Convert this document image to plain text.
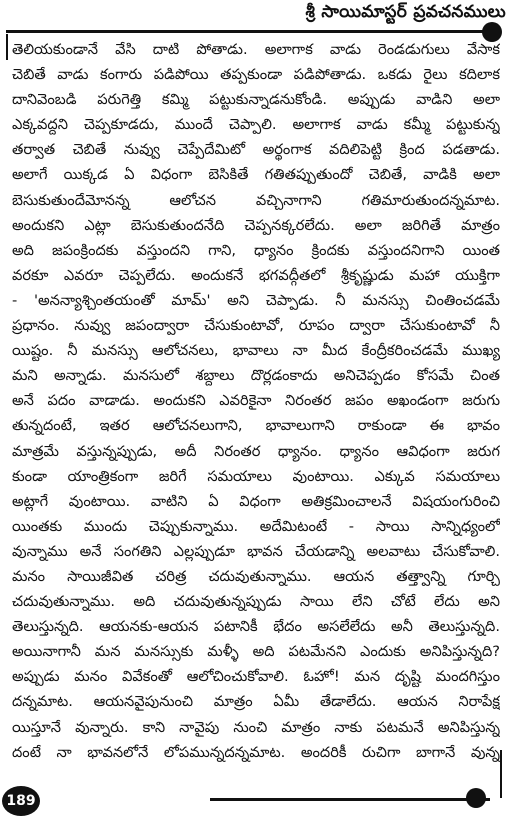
శ్రీ సాయిమాస్టర్ ప్రవచనములు
తెలియకుండానే వేసి దాటి పోతాడు. అలాగాక వాడు రెండడుగులు వేసాక
చెబితే వాడు కంగారు పడిపోయి తప్పకుండా పడిపోతాడు. ఒకడు రైలు కదిలాక
దానివెంబడి పరుగెత్తి కమ్మి పట్టుకున్నాడనుకోండి. అప్పుడు వాడిని అలా
ఎక్కవద్దని చెప్పకూడదు, ముందే చెప్పాలి. అలాగాక వాడు కమ్మీ పట్టుకున్న
తర్వాత చెబితే నువ్వు చెప్పేదేమిటో అర్థంగాక వదిలిపెట్టి క్రింద పడతాడు.
అలాగే యిక్కడ ఏ విధంగా బెసికితే గతితప్పుతుందో చెబితే, వాడికి అలా
బెసుకుతుందేమోనన్న ఆలోచన వచ్చినాగాని గతిమారుతుందన్నమాట.
అందుకని ఎట్లా బెసుకుతుందనేది చెప్పనక్కరలేదు. అలా జరిగితే మాత్రం
అది జపంక్రిందకు వస్తుందని గాని, ధ్యానం క్రిందకు వస్తుందనిగాని యింత
వరకూ ఎవరూ చెప్పలేదు. అందుకనే భగవద్గీతలో శ్రీకృష్ణుడు మహా యుక్తిగా
- 'అనన్యాశ్చింతయంతో మామ్' అని చెప్పాడు. నీ మనస్సు చింతించడమే
ప్రధానం. నువ్వు జపంద్వారా చేసుకుంటావో, రూపం ద్వారా చేసుకుంటావో నీ
యిష్టం. నీ మనస్సు ఆలోచనలు, భావాలు నా మీద కేంద్రీకరించడమే ముఖ్య
మని అన్నాడు. మనసులో శబ్దాలు దొర్లడంకాదు అనిచెప్పడం కోసమే చింత
అనే పదం వాడాడు. అందుకని ఎవరికైనా నిరంతర జపం అఖండంగా జరుగు
తున్నదంటే, ఇతర ఆలోచనలుగాని, భావాలుగాని రాకుండా ఈ భావం
మాత్రమే వస్తున్నప్పుడు, అదీ నిరంతర ధ్యానం. ధ్యానం ఆవిధంగా జరుగ
కుండా యాంత్రికంగా జరిగే సమయాలు వుంటాయి. ఎక్కువ సమయాలు
అట్లాగే వుంటాయి. వాటిని ఏ విధంగా అతిక్రమించాలనే విషయంగురించి
యింతకు ముందు చెప్పుకున్నాము. అదేమిటంటే - సాయి సాన్నిధ్యంలో
వున్నాము అనే సంగతిని ఎల్లప్పుడూ భావన చేయడాన్ని అలవాటు చేసుకోవాలి.
మనం సాయిజీవిత చరిత్ర చదువుతున్నాము. ఆయన తత్త్వాన్ని గూర్చి
చదువుతున్నాము. అది చదువుతున్నప్పుడు సాయి లేని చోటే లేదు అని
తెలుస్తున్నది. ఆయనకు-ఆయన పటానికీ భేదం అసలేలేదు అనీ తెలుస్తున్నది.
అయినాగానీ మన మనస్సుకు మళ్ళీ అది పటమేనని ఎందుకు అనిపిస్తున్నది?
అప్పుడు మనం వివేకంతో ఆలోచించుకోవాలి. ఓహో! మన దృష్టి మందగిస్తుం
దన్నమాట. ఆయనవైపునుంచి మాత్రం ఏమీ తేడాలేదు. ఆయన నిరాపేక్ష
యిస్తూనే వున్నారు. కాని నావైపు నుంచి మాత్రం నాకు పటమనే అనిపిస్తున్న
దంటే నా భావనలోనే లోపమున్నదన్నమాట. అందరికీ రుచిగా బాగానే వున్న
189
